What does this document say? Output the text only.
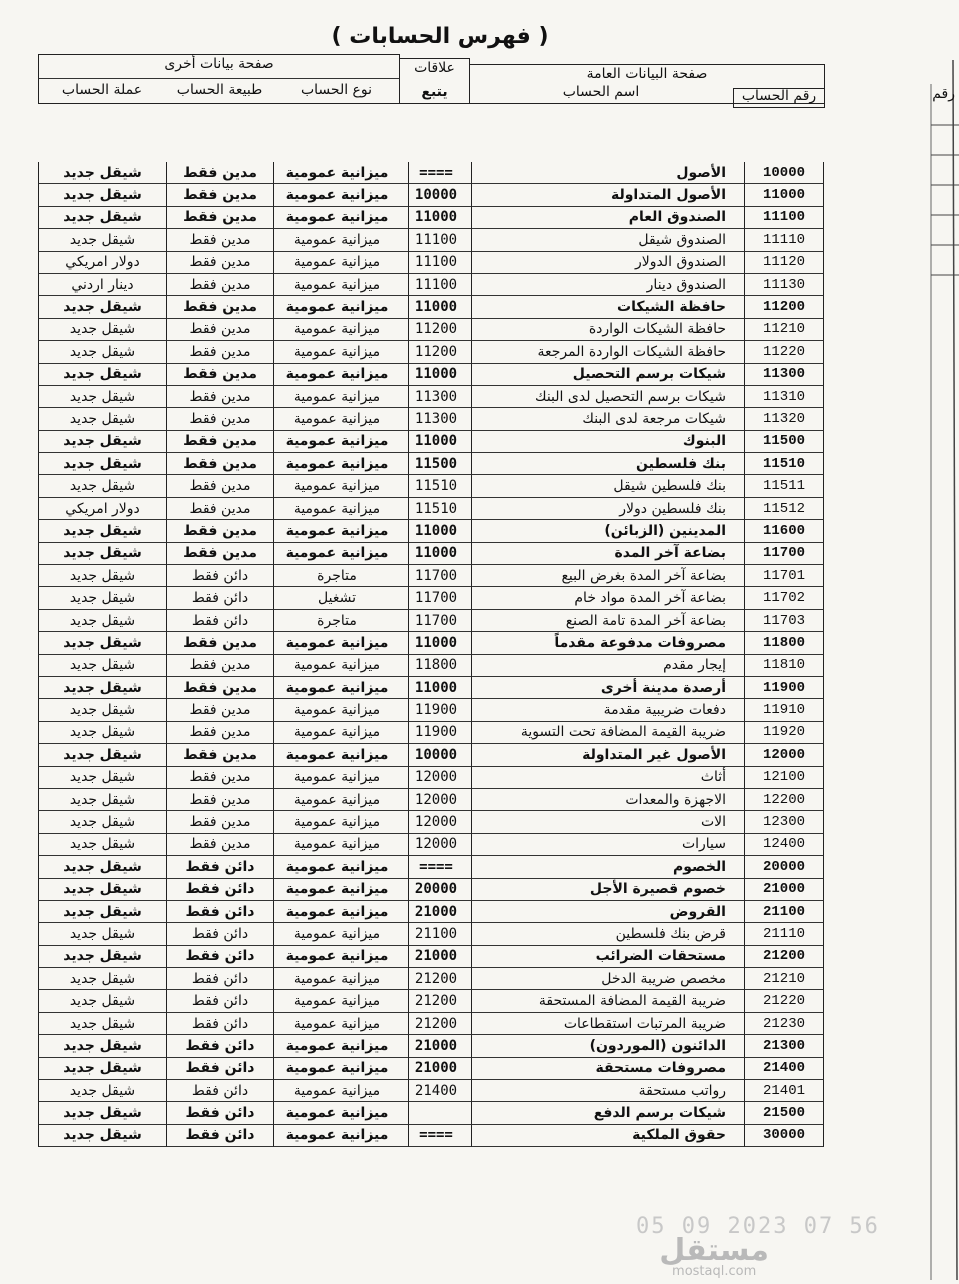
( فهرس الحسابات )
صفحة بيانات أخرى	علاقات	صفحة البيانات العامة
عملة الحساب	طبيعة الحساب	نوع الحساب	يتبع	اسم الحساب	رقم الحساب
شيقل جديد	مدين فقط	ميزانية عمومية		====		الأصول		10000
شيقل جديد	مدين فقط	ميزانية عمومية		10000		الأصول المتداولة		11000
شيقل جديد	مدين فقط	ميزانية عمومية		11000		الصندوق العام		11100
شيقل جديد	مدين فقط	ميزانية عمومية		11100		الصندوق شيقل		11110
دولار امريكي	مدين فقط	ميزانية عمومية		11100		الصندوق الدولار		11120
دينار اردني	مدين فقط	ميزانية عمومية		11100		الصندوق دينار		11130
شيقل جديد	مدين فقط	ميزانية عمومية		11000		حافظة الشيكات		11200
شيقل جديد	مدين فقط	ميزانية عمومية		11200		حافظة الشيكات الواردة		11210
شيقل جديد	مدين فقط	ميزانية عمومية		11200		حافظة الشيكات الواردة المرجعة		11220
شيقل جديد	مدين فقط	ميزانية عمومية		11000		شيكات برسم التحصيل		11300
شيقل جديد	مدين فقط	ميزانية عمومية		11300		شيكات برسم التحصيل لدى البنك		11310
شيقل جديد	مدين فقط	ميزانية عمومية		11300		شيكات مرجعة لدى البنك		11320
شيقل جديد	مدين فقط	ميزانية عمومية		11000		البنوك		11500
شيقل جديد	مدين فقط	ميزانية عمومية		11500		بنك فلسطين		11510
شيقل جديد	مدين فقط	ميزانية عمومية		11510		بنك فلسطين شيقل		11511
دولار امريكي	مدين فقط	ميزانية عمومية		11510		بنك فلسطين دولار		11512
شيقل جديد	مدين فقط	ميزانية عمومية		11000		المدينين (الزبائن)		11600
شيقل جديد	مدين فقط	ميزانية عمومية		11000		بضاعة آخر المدة		11700
شيقل جديد	دائن فقط	متاجرة		11700		بضاعة آخر المدة بغرض البيع		11701
شيقل جديد	دائن فقط	تشغيل		11700		بضاعة آخر المدة مواد خام		11702
شيقل جديد	دائن فقط	متاجرة		11700		بضاعة آخر المدة تامة الصنع		11703
شيقل جديد	مدين فقط	ميزانية عمومية		11000		مصروفات مدفوعة مقدماً		11800
شيقل جديد	مدين فقط	ميزانية عمومية		11800		إيجار مقدم		11810
شيقل جديد	مدين فقط	ميزانية عمومية		11000		أرصدة مدينة أخرى		11900
شيقل جديد	مدين فقط	ميزانية عمومية		11900		دفعات ضريبية مقدمة		11910
شيقل جديد	مدين فقط	ميزانية عمومية		11900		ضريبة القيمة المضافة تحت التسوية		11920
شيقل جديد	مدين فقط	ميزانية عمومية		10000		الأصول غير المتداولة		12000
شيقل جديد	مدين فقط	ميزانية عمومية		12000		أثاث		12100
شيقل جديد	مدين فقط	ميزانية عمومية		12000		الاجهزة والمعدات		12200
شيقل جديد	مدين فقط	ميزانية عمومية		12000		الات		12300
شيقل جديد	مدين فقط	ميزانية عمومية		12000		سيارات		12400
شيقل جديد	دائن فقط	ميزانية عمومية		====		الخصوم		20000
شيقل جديد	دائن فقط	ميزانية عمومية		20000		خصوم قصيرة الأجل		21000
شيقل جديد	دائن فقط	ميزانية عمومية		21000		القروض		21100
شيقل جديد	دائن فقط	ميزانية عمومية		21100		قرض بنك فلسطين		21110
شيقل جديد	دائن فقط	ميزانية عمومية		21000		مستحقات الضرائب		21200
شيقل جديد	دائن فقط	ميزانية عمومية		21200		مخصص ضريبة الدخل		21210
شيقل جديد	دائن فقط	ميزانية عمومية		21200		ضريبة القيمة المضافة المستحقة		21220
شيقل جديد	دائن فقط	ميزانية عمومية		21200		ضريبة المرتبات استقطاعات		21230
شيقل جديد	دائن فقط	ميزانية عمومية		21000		الدائنون (الموردون)		21300
شيقل جديد	دائن فقط	ميزانية عمومية		21000		مصروفات مستحقة		21400
شيقل جديد	دائن فقط	ميزانية عمومية		21400		رواتب مستحقة		21401
شيقل جديد	دائن فقط	ميزانية عمومية				شيكات برسم الدفع		21500
شيقل جديد	دائن فقط	ميزانية عمومية		====		حقوق الملكية		30000
رقم
مستقل
mostaql.com
05 09 2023 07 56
